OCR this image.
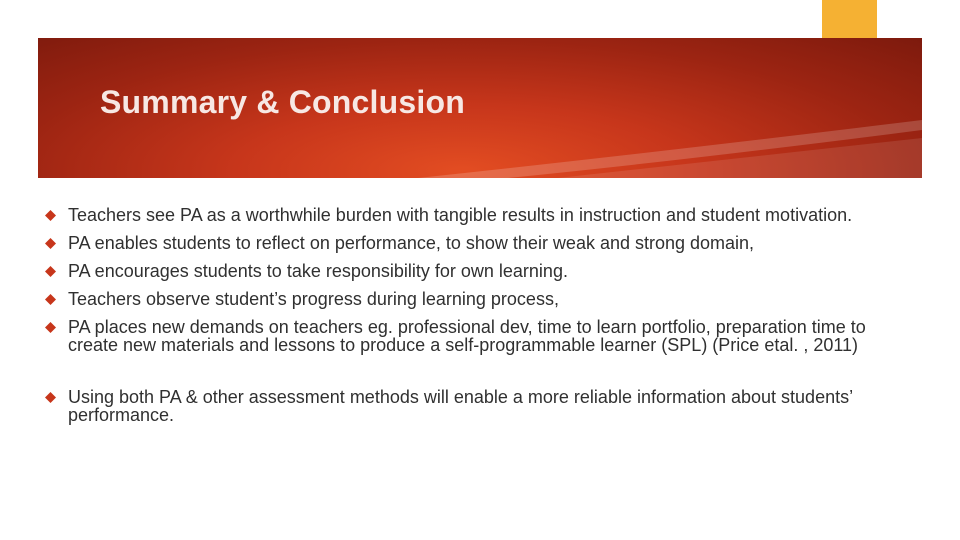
Summary & Conclusion
Teachers see PA as a worthwhile burden with tangible results in instruction and student motivation.
PA enables students to reflect on performance, to show their weak and strong domain,
PA encourages students to take responsibility for own learning.
Teachers observe student’s progress during learning process,
PA places new demands on teachers eg. professional dev, time to learn portfolio, preparation time to create new materials and lessons to produce a self-programmable learner (SPL) (Price etal. , 2011)
Using both PA & other assessment methods will enable a more reliable information about students’ performance.
